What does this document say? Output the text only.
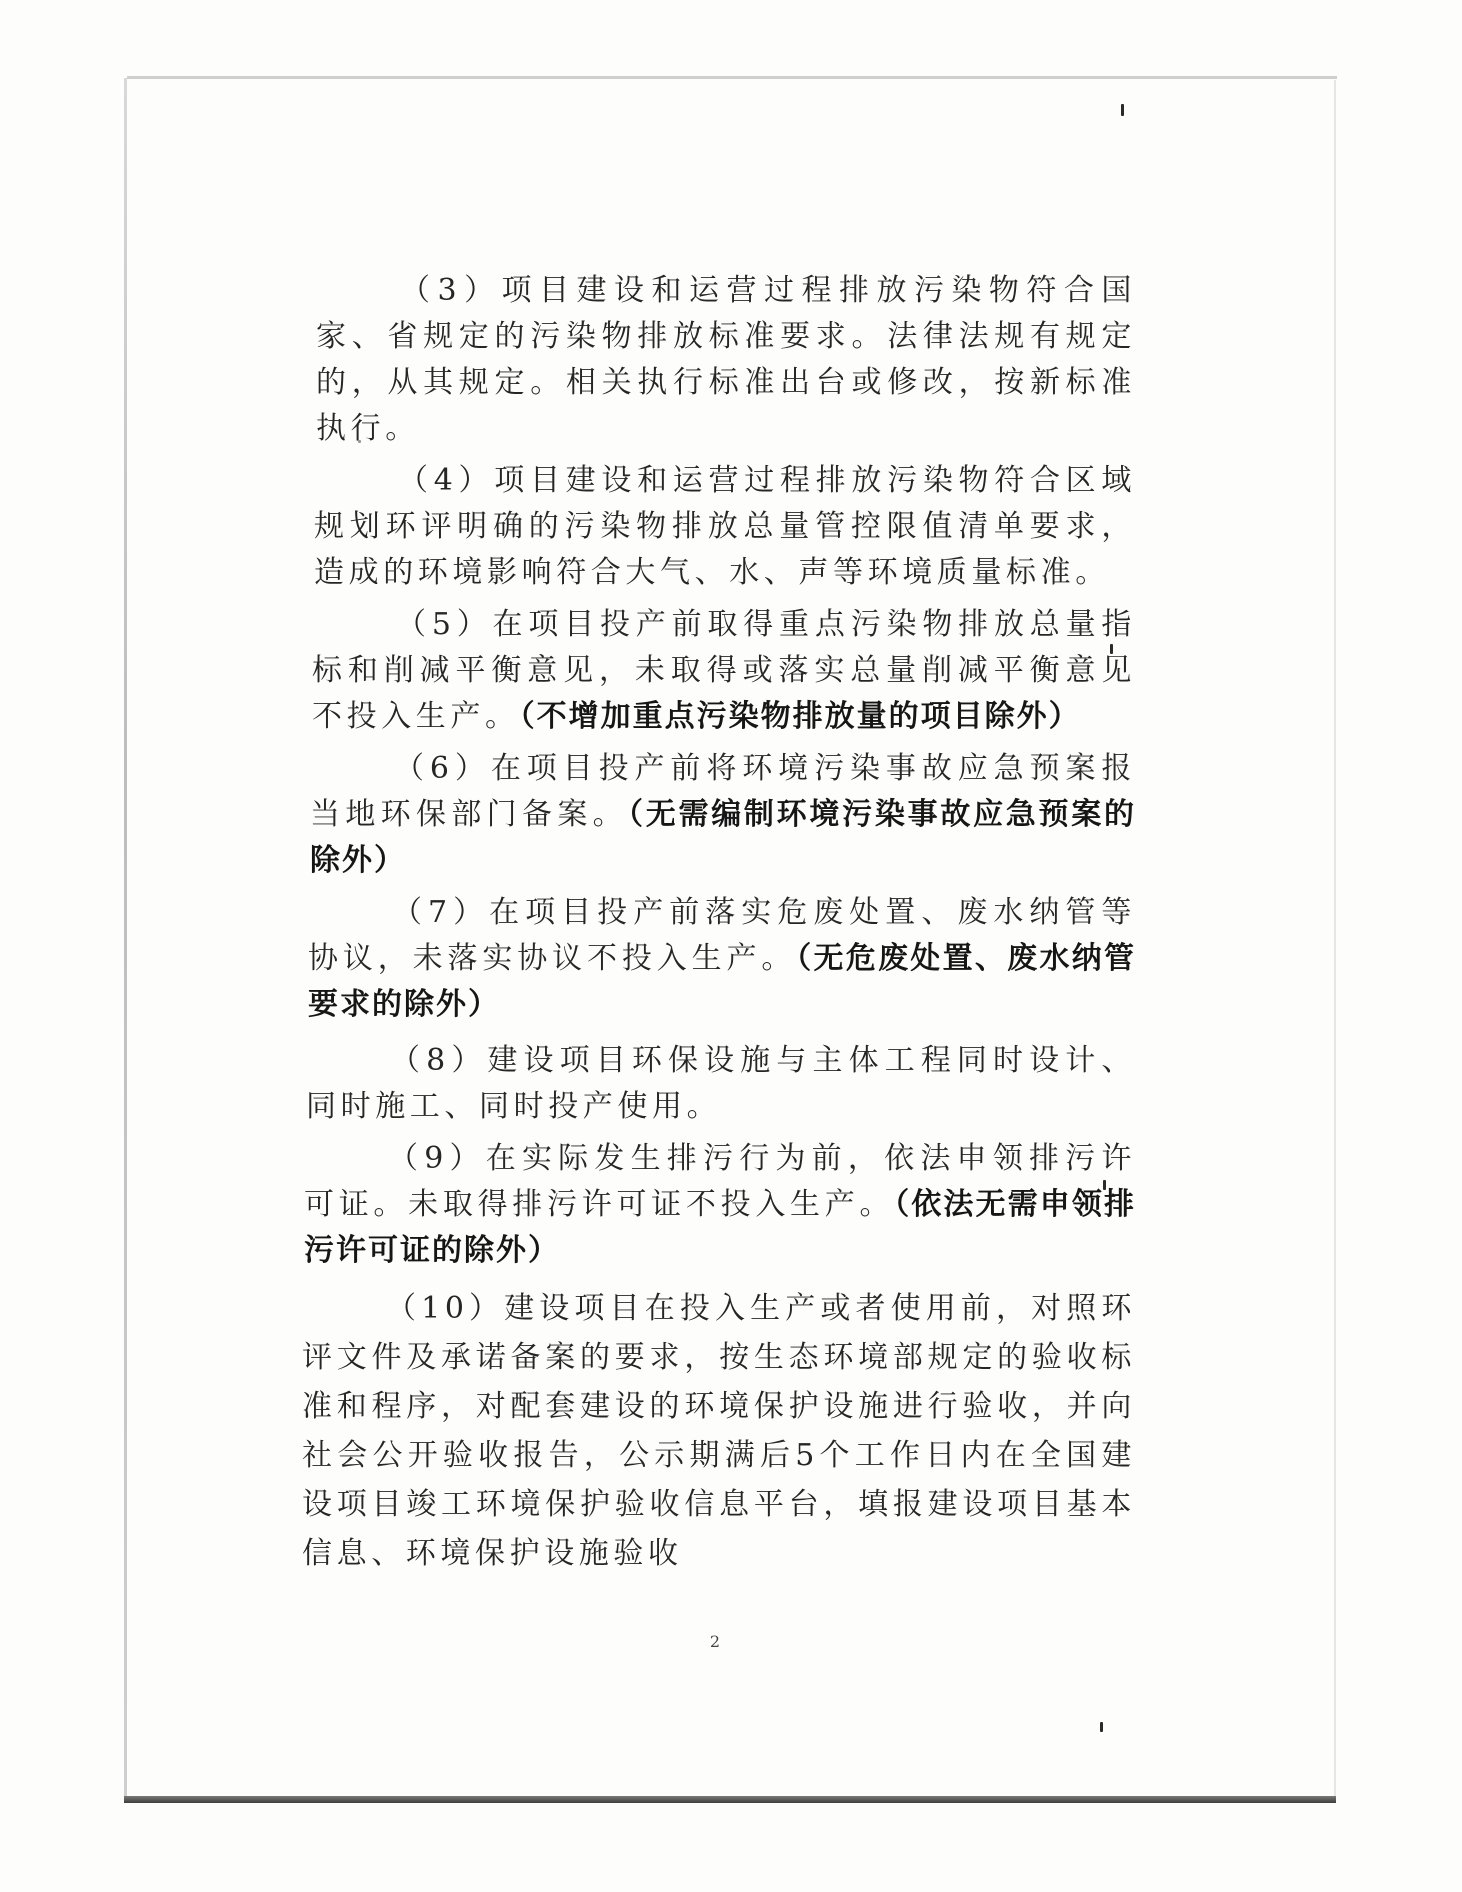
（3）项目建设和运营过程排放污染物符合国家、省规定的污染物排放标准要求。法律法规有规定的，从其规定。相关执行标准出台或修改，按新标准执行。

（4）项目建设和运营过程排放污染物符合区域规划环评明确的污染物排放总量管控限值清单要求，造成的环境影响符合大气、水、声等环境质量标准。

（5）在项目投产前取得重点污染物排放总量指标和削减平衡意见，未取得或落实总量削减平衡意见不投入生产。（不增加重点污染物排放量的项目除外）

（6）在项目投产前将环境污染事故应急预案报当地环保部门备案。（无需编制环境污染事故应急预案的除外）

（7）在项目投产前落实危废处置、废水纳管等协议，未落实协议不投入生产。（无危废处置、废水纳管要求的除外）

（8）建设项目环保设施与主体工程同时设计、同时施工、同时投产使用。

（9）在实际发生排污行为前，依法申领排污许可证。未取得排污许可证不投入生产。（依法无需申领排污许可证的除外）

（10）建设项目在投入生产或者使用前，对照环评文件及承诺备案的要求，按生态环境部规定的验收标准和程序，对配套建设的环境保护设施进行验收，并向社会公开验收报告，公示期满后5个工作日内在全国建设项目竣工环境保护验收信息平台，填报建设项目基本信息、环境保护设施验收

2
